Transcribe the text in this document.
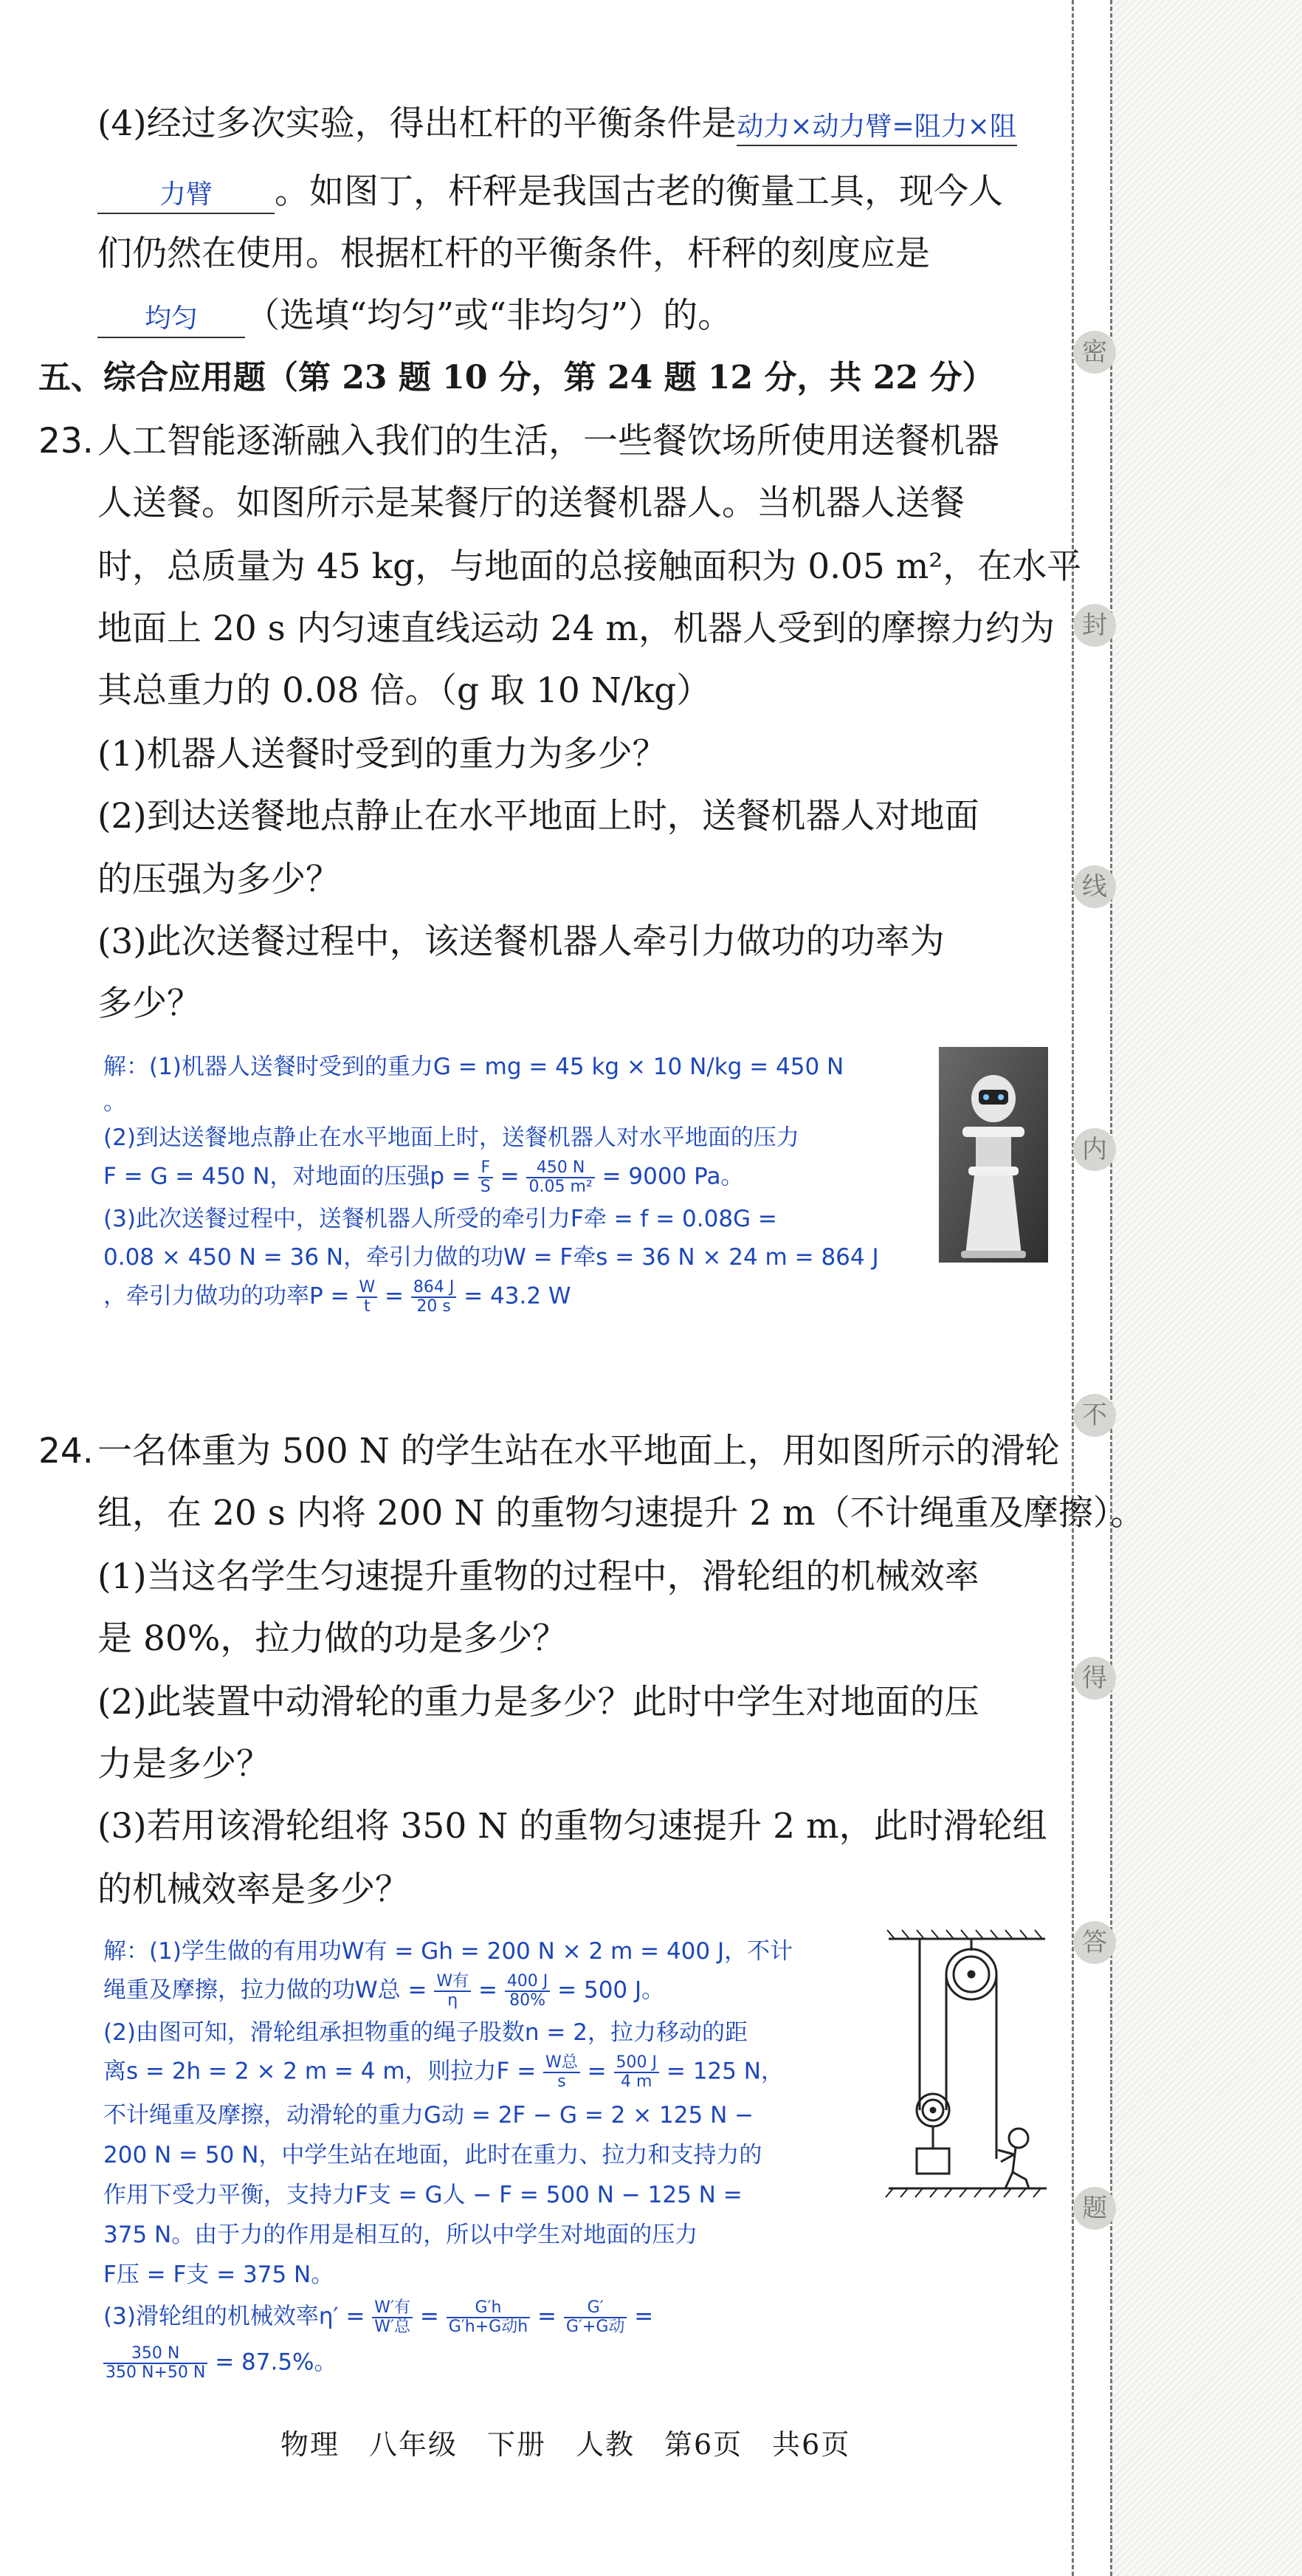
密
封
线
内
不
得
答
题
(4)经过多次实验，得出杠杆的平衡条件是动力×动力臂=阻力×阻
力臂 。如图丁，杆秤是我国古老的衡量工具，现今人
们仍然在使用。根据杠杆的平衡条件，杆秤的刻度应是
均匀 （选填“均匀”或“非均匀”）的。
五、综合应用题（第 23 题 10 分，第 24 题 12 分，共 22 分）
23. 人工智能逐渐融入我们的生活，一些餐饮场所使用送餐机器
人送餐。如图所示是某餐厅的送餐机器人。当机器人送餐
时，总质量为 45 kg，与地面的总接触面积为 0.05 m²，在水平
地面上 20 s 内匀速直线运动 24 m，机器人受到的摩擦力约为
其总重力的 0.08 倍。（g 取 10 N/kg）
(1)机器人送餐时受到的重力为多少？
(2)到达送餐地点静止在水平地面上时，送餐机器人对地面
的压强为多少？
(3)此次送餐过程中，该送餐机器人牵引力做功的功率为
多少？
解：(1)机器人送餐时受到的重力G = mg = 45 kg × 10 N/kg = 450 N
。
(2)到达送餐地点静止在水平地面上时，送餐机器人对水平地面的压力
F = G = 450 N，对地面的压强$p = \frac{F}{S} = \frac{450 N}{\text{0.05 m²}} = 9000$ Pa。
(3)此次送餐过程中，送餐机器人所受的牵引力F牵 = f = 0.08G =
0.08 × 450 N = 36 N，牵引力做的功W = F牵s = 36 N × 24 m = 864 J
，牵引力做功的功率$P = \frac{W}{t} = \frac{864 J}{20 s} = 43.2$ W
24. 一名体重为 500 N 的学生站在水平地面上，用如图所示的滑轮
组，在 20 s 内将 200 N 的重物匀速提升 2 m（不计绳重及摩擦）。
(1)当这名学生匀速提升重物的过程中，滑轮组的机械效率
是 80%，拉力做的功是多少？
(2)此装置中动滑轮的重力是多少？此时中学生对地面的压
力是多少？
(3)若用该滑轮组将 350 N 的重物匀速提升 2 m，此时滑轮组
的机械效率是多少？
解：(1)学生做的有用功W有 = Gh = 200 N × 2 m = 400 J，不计
绳重及摩擦，拉力做的功W总 = $\frac{\text{W有}}{\eta} = \frac{400 J}{80\%} = 500$ J。
(2)由图可知，滑轮组承担物重的绳子股数n = 2，拉力移动的距
离s = 2h = 2 × 2 m = 4 m，则拉力$F = \frac{\text{W总}}{s} = \frac{500 J}{4 m} = 125$ N，
不计绳重及摩擦，动滑轮的重力G动 = 2F − G = 2 × 125 N −
200 N = 50 N，中学生站在地面，此时在重力、拉力和支持力的
作用下受力平衡，支持力F支 = G人 − F = 500 N − 125 N =
375 N。由于力的作用是相互的，所以中学生对地面的压力
F压 = F支 = 375 N。
(3)滑轮组的机械效率$\eta' = \frac{\text{W′有}}{\text{W′总}} = \frac{G'h}{\text{G′h+G动h}} = \frac{G'}{\text{G′+G动}}$ =
$\frac{350 N}{350 N+50 N} = 87.5\%$。
物理　八年级　下册　人教　第6页　共6页
